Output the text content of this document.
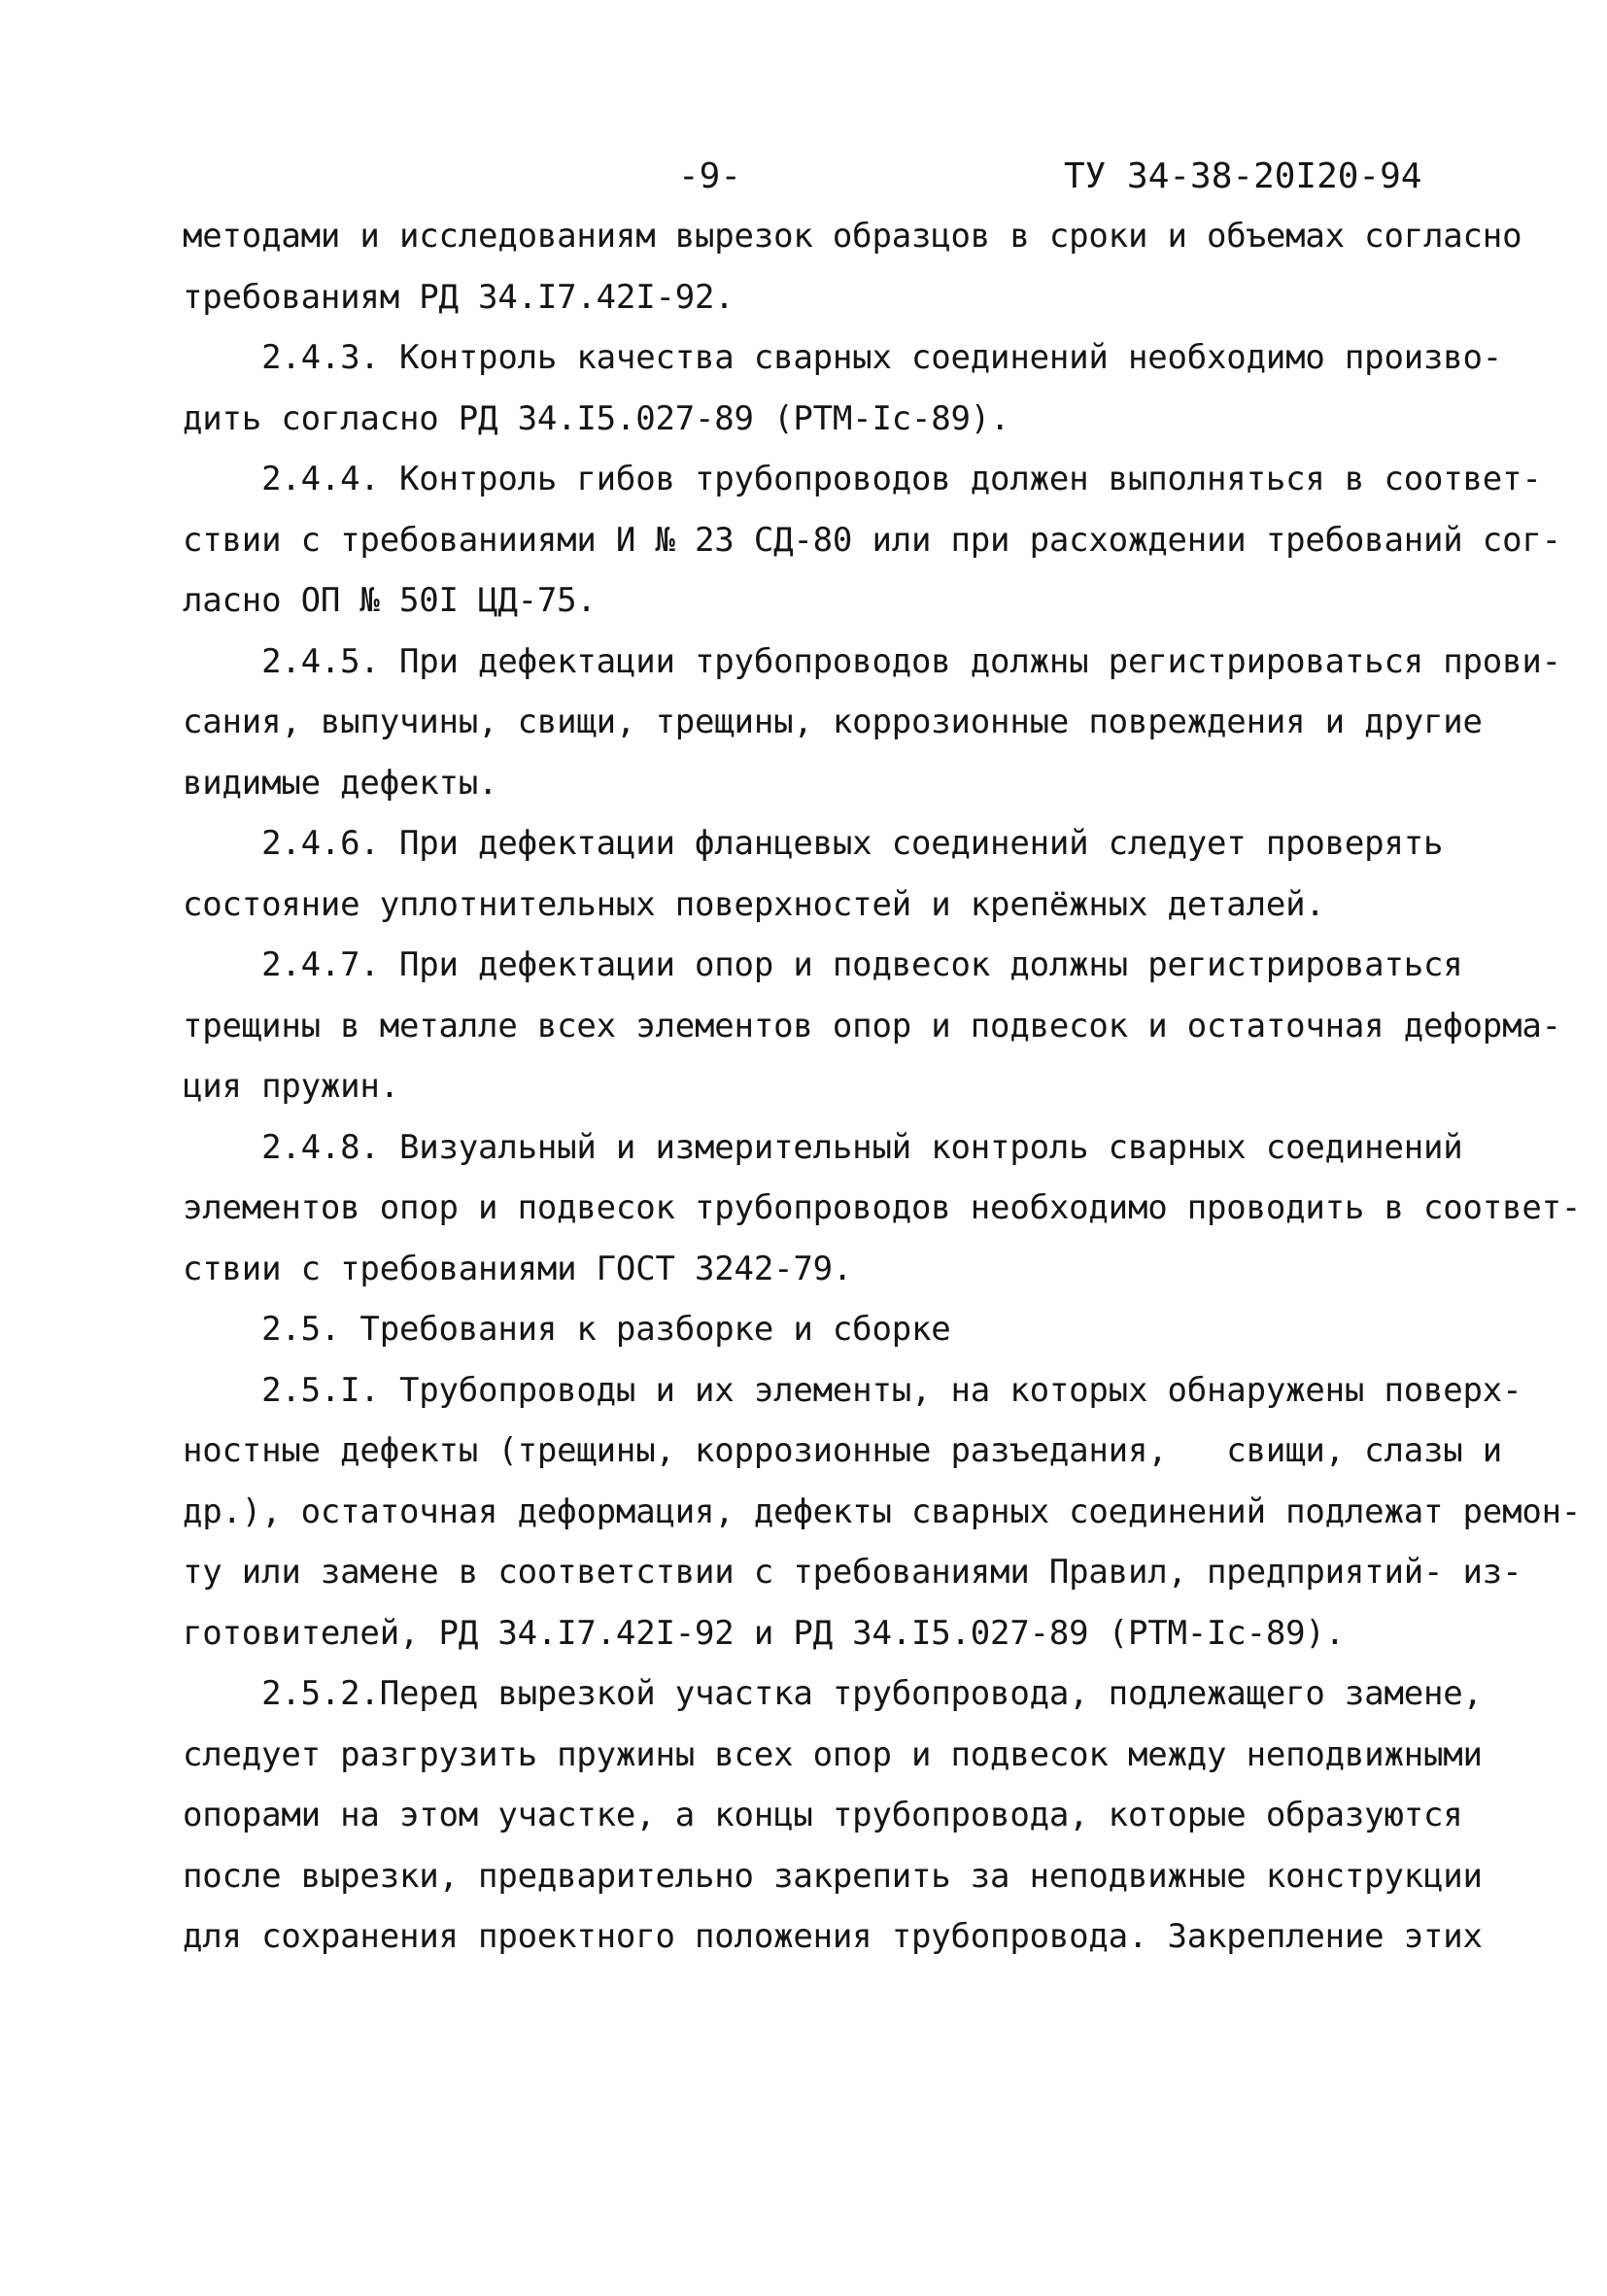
-9-	ТУ 34-38-20I20-94

методами и исследованиям вырезок образцов в сроки и объемах согласно

требованиям РД 34.I7.42I-92.

2.4.3. Контроль качества сварных соединений необходимо произво-

дить согласно РД 34.I5.027-89 (РТМ-Iс-89).

2.4.4. Контроль гибов трубопроводов должен выполняться в соответ-

ствии с требованииями И № 23 СД-80 или при расхождении требований сог-

ласно ОП № 50I ЦД-75.

2.4.5. При дефектации трубопроводов должны регистрироваться прови-

сания, выпучины, свищи, трещины, коррозионные повреждения и другие

видимые дефекты.

2.4.6. При дефектации фланцевых соединений следует проверять

состояние уплотнительных поверхностей и крепёжных деталей.

2.4.7. При дефектации опор и подвесок должны регистрироваться

трещины в металле всех элементов опор и подвесок и остаточная деформа-

ция пружин.

2.4.8. Визуальный и измерительный контроль сварных соединений

элементов опор и подвесок трубопроводов необходимо проводить в соответ-

ствии с требованиями ГОСТ 3242-79.

2.5. Требования к разборке и сборке

2.5.I. Трубопроводы и их элементы, на которых обнаружены поверх-

ностные дефекты (трещины, коррозионные разъедания,   свищи, слазы и

др.), остаточная деформация, дефекты сварных соединений подлежат ремон-

ту или замене в соответствии с требованиями Правил, предприятий- из-

готовителей, РД 34.I7.42I-92 и РД 34.I5.027-89 (РТМ-Iс-89).

2.5.2.Перед вырезкой участка трубопровода, подлежащего замене,

следует разгрузить пружины всех опор и подвесок между неподвижными

опорами на этом участке, а концы трубопровода, которые образуются

после вырезки, предварительно закрепить за неподвижные конструкции

для сохранения проектного положения трубопровода. Закрепление этих
